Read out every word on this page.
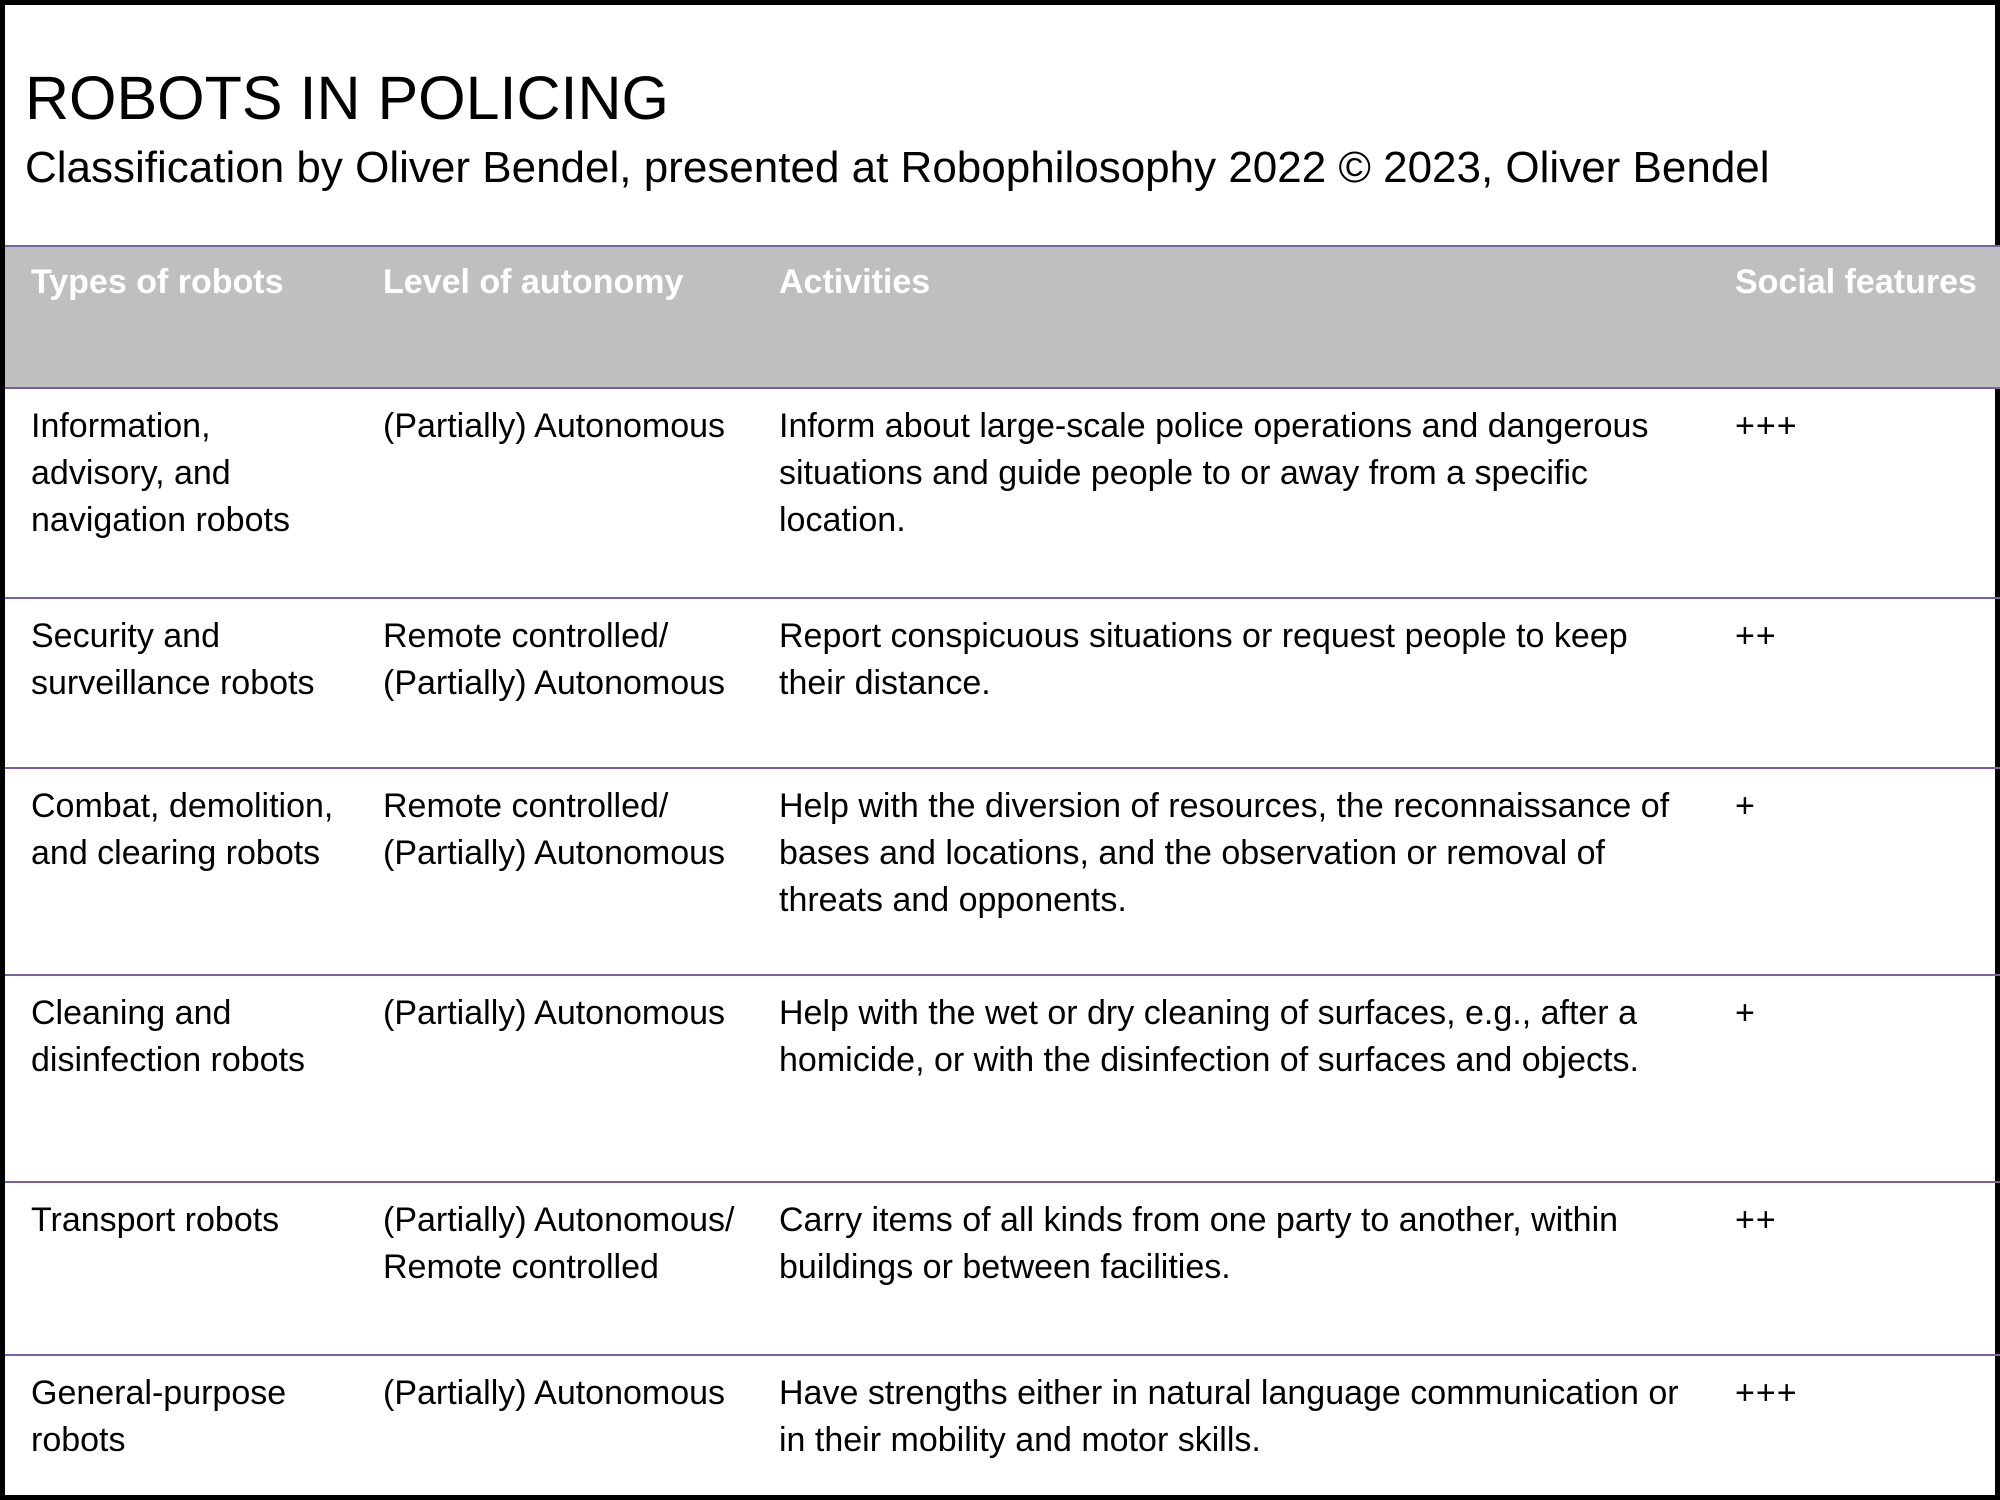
ROBOTS IN POLICING
Classification by Oliver Bendel, presented at Robophilosophy 2022 © 2023, Oliver Bendel
Types of robots	Level of autonomy	Activities	Social features
Information, advisory, and navigation robots	(Partially) Autonomous	Inform about large-scale police operations and dangerous situations and guide people to or away from a specific location.	+++
Security and surveillance robots	Remote controlled/ (Partially) Autonomous	Report conspicuous situations or request people to keep their distance.	++
Combat, demolition, and clearing robots	Remote controlled/ (Partially) Autonomous	Help with the diversion of resources, the reconnaissance of bases and locations, and the observation or removal of threats and opponents.	+
Cleaning and disinfection robots	(Partially) Autonomous	Help with the wet or dry cleaning of surfaces, e.g., after a homicide, or with the disinfection of surfaces and objects.	+
Transport robots	(Partially) Autonomous/ Remote controlled	Carry items of all kinds from one party to another, within buildings or between facilities.	++
General-purpose robots	(Partially) Autonomous	Have strengths either in natural language communication or in their mobility and motor skills.	+++
